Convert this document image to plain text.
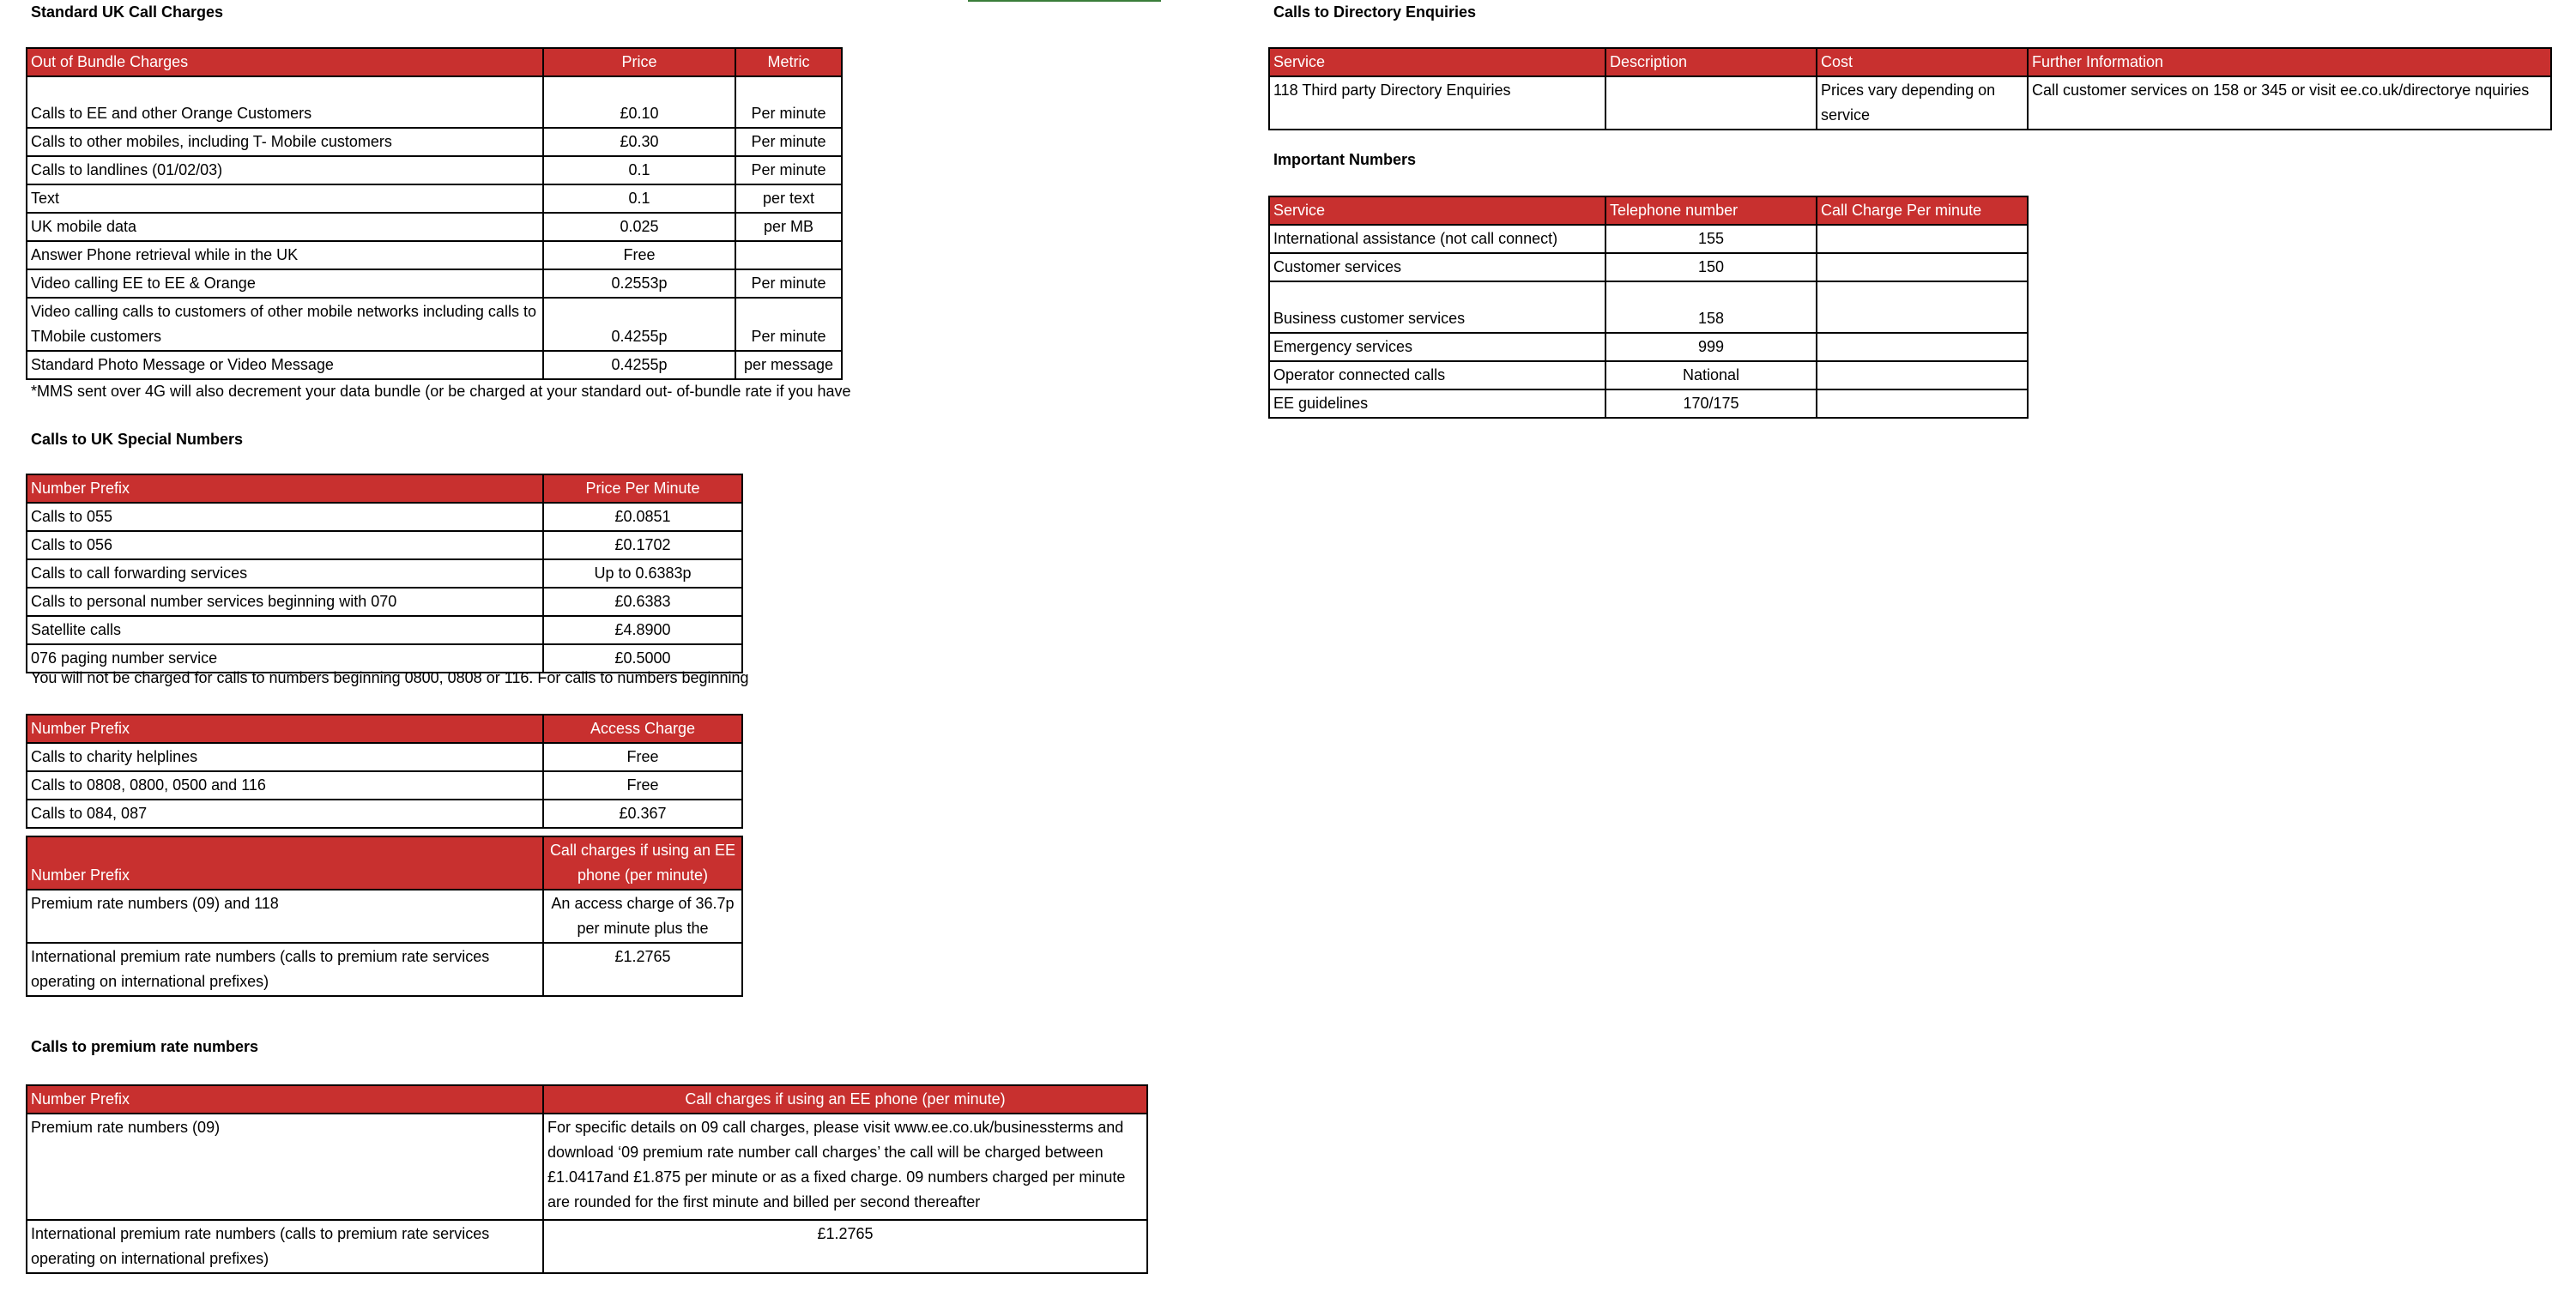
Standard UK Call Charges
Out of Bundle Charges	Price	Metric
Calls to EE and other Orange Customers	£0.10	Per minute
Calls to other mobiles, including T- Mobile customers	£0.30	Per minute
Calls to landlines (01/02/03)	0.1	Per minute
Text	0.1	per text
UK mobile data	0.025	per MB
Answer Phone retrieval while in the UK	Free	
Video calling EE to EE & Orange	0.2553p	Per minute
Video calling calls to customers of other mobile networks including calls to TMobile customers	0.4255p	Per minute
Standard Photo Message or Video Message	0.4255p	per message
*MMS sent over 4G will also decrement your data bundle (or be charged at your standard out- of-bundle rate if you have
Calls to UK Special Numbers
Number Prefix	Price Per Minute
Calls to 055	£0.0851
Calls to 056	£0.1702
Calls to call forwarding services	Up to 0.6383p
Calls to personal number services beginning with 070	£0.6383
Satellite calls	£4.8900
076 paging number service	£0.5000
You will not be charged for calls to numbers beginning 0800, 0808 or 116. For calls to numbers beginning
Number Prefix	Access Charge
Calls to charity helplines	Free
Calls to 0808, 0800, 0500 and 116	Free
Calls to 084, 087	£0.367
Number Prefix	Call charges if using an EE phone (per minute)
Premium rate numbers (09) and 118	An access charge of 36.7p per minute plus the
International premium rate numbers (calls to premium rate services operating on international prefixes)	£1.2765
Calls to premium rate numbers
Number Prefix	Call charges if using an EE phone (per minute)
Premium rate numbers (09)	For specific details on 09 call charges, please visit www.ee.co.uk/businessterms and download ‘09 premium rate number call charges’ the call will be charged between £1.0417and £1.875 per minute or as a fixed charge. 09 numbers charged per minute are rounded for the first minute and billed per second thereafter
International premium rate numbers (calls to premium rate services operating on international prefixes)	£1.2765
Calls to Directory Enquiries
Service	Description	Cost	Further Information
118 Third party Directory Enquiries		Prices vary depending on service	Call customer services on 158 or 345 or visit ee.co.uk/directorye nquiries
Important Numbers
Service	Telephone number	Call Charge Per minute
International assistance (not call connect)	155	
Customer services	150	
Business customer services	158	
Emergency services	999	
Operator connected calls	National	
EE guidelines	170/175	
